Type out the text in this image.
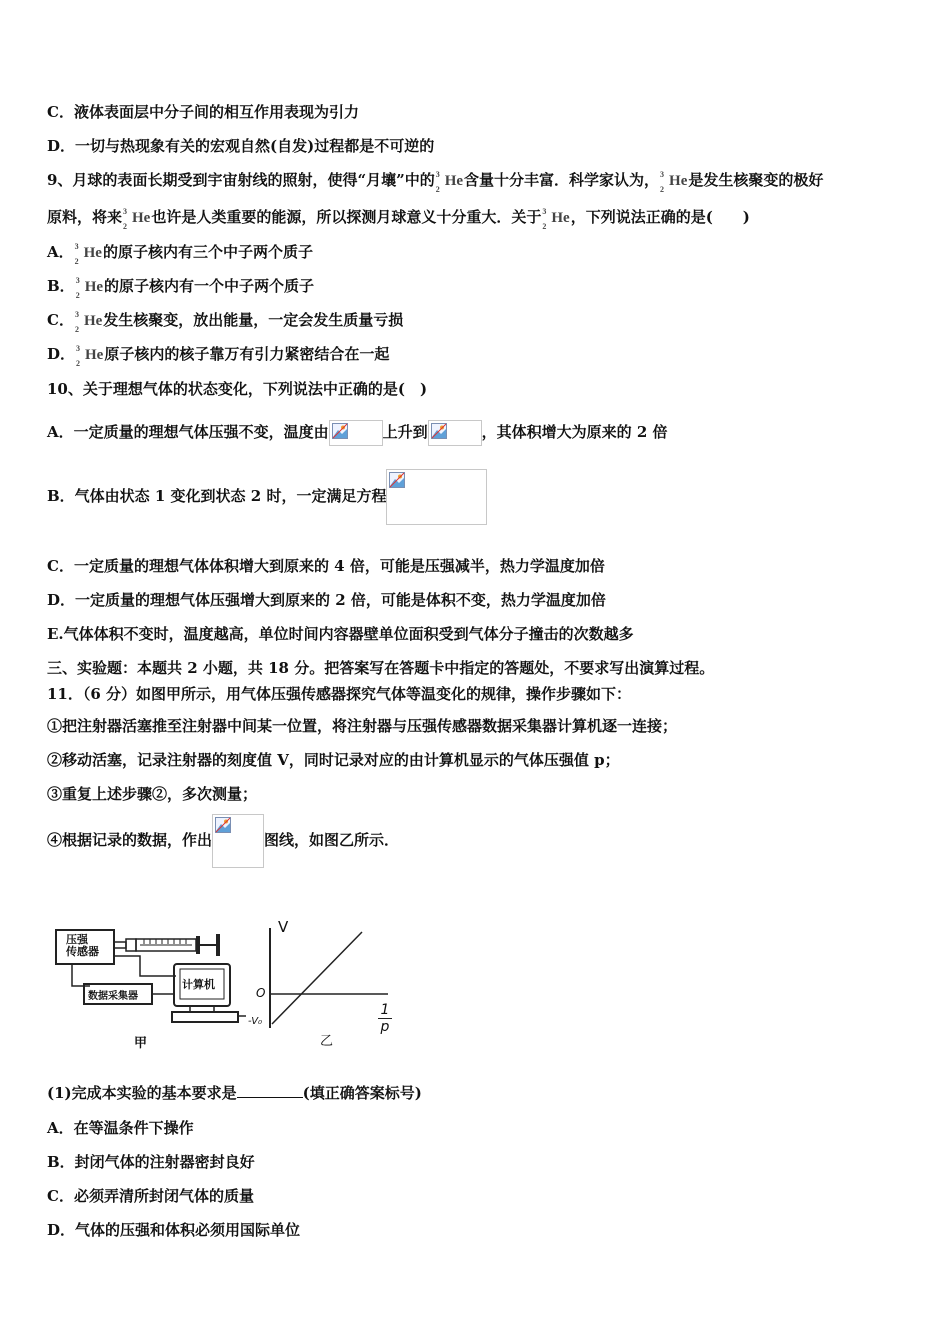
C．液体表面层中分子间的相互作用表现为引力
D．一切与热现象有关的宏观自然(自发)过程都是不可逆的
9、月球的表面长期受到宇宙射线的照射，使得“月壤”中的 3
2
He含量十分丰富．科学家认为， 3
2
He是发生核聚变的极好
原料，将来 3
2
He也许是人类重要的能源，所以探测月球意义十分重大．关于 3
2
He，下列说法正确的是(　　)
A． 3
2
He的原子核内有三个中子两个质子
B． 3
2
He的原子核内有一个中子两个质子
C． 3
2
He发生核聚变，放出能量，一定会发生质量亏损
D． 3
2
He原子核内的核子靠万有引力紧密结合在一起
10、关于理想气体的状态变化，下列说法中正确的是(　)
A．一定质量的理想气体压强不变，温度由	上升到	，其体积增大为原来的 2 倍
B．气体由状态 1 变化到状态 2 时，一定满足方程
C．一定质量的理想气体体积增大到原来的 4 倍，可能是压强减半，热力学温度加倍
D．一定质量的理想气体压强增大到原来的 2 倍，可能是体积不变，热力学温度加倍
E.气体体积不变时，温度越高，单位时间内容器壁单位面积受到气体分子撞击的次数越多
三、实验题：本题共 2 小题，共 18 分。把答案写在答题卡中指定的答题处，不要求写出演算过程。
11．（6 分）如图甲所示，用气体压强传感器探究气体等温变化的规律，操作步骤如下：
①把注射器活塞推至注射器中间某一位置，将注射器与压强传感器数据采集器计算机逐一连接；
②移动活塞，记录注射器的刻度值 V，同时记录对应的由计算机显示的气体压强值 p；
③重复上述步骤②，多次测量；
④根据记录的数据，作出	图线，如图乙所示．
压强
传感器
数据采集器
计算机
甲	乙
V
O
-V₀
1
p
(1)完成本实验的基本要求是	(填正确答案标号)
A．在等温条件下操作
B．封闭气体的注射器密封良好
C．必须弄清所封闭气体的质量
D．气体的压强和体积必须用国际单位
